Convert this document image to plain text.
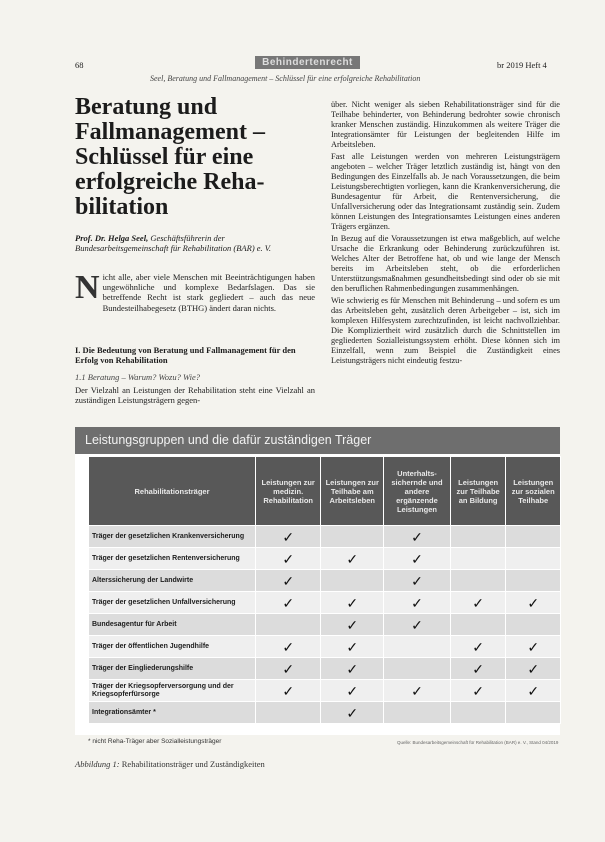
68	Behindertenrecht	br 2019 Heft 4
Seel, Beratung und Fallmanagement – Schlüssel für eine erfolgreiche Rehabilitation
Beratung und Fallmanagement – Schlüssel für eine erfolgreiche Reha-bilitation
Prof. Dr. Helga Seel, Geschäftsführerin der Bundesarbeitsgemeinschaft für Rehabilitation (BAR) e. V.
Nicht alle, aber viele Menschen mit Beeinträchtigungen haben ungewöhnliche und komplexe Bedarfslagen. Das sie betreffende Recht ist stark gegliedert – auch das neue Bundesteilhabegesetz (BTHG) ändert daran nichts.
I. Die Bedeutung von Beratung und Fallmanagement für den Erfolg von Rehabilitation
1.1 Beratung – Warum? Wozu? Wie?
Der Vielzahl an Leistungen der Rehabilitation steht eine Vielzahl an zuständigen Leistungsträgern gegen-

über. Nicht weniger als sieben Rehabilitationsträger sind für die Teilhabe behinderter, von Behinderung bedrohter sowie chronisch kranker Menschen zuständig. Hinzukommen als weitere Träger die Integrationsämter für Leistungen der begleitenden Hilfe im Arbeitsleben.

Fast alle Leistungen werden von mehreren Leistungsträgern angeboten – welcher Träger letztlich zuständig ist, hängt von den Bedingungen des Einzelfalls ab. Je nach Voraussetzungen, die beim Leistungsberechtigten vorliegen, kann die Krankenversicherung, die Bundesagentur für Arbeit, die Rentenversicherung, die Unfallversicherung oder das Integrationsamt zuständig sein. Zudem können Leistungen des Integrationsamtes Leistungen eines anderen Trägers ergänzen.

In Bezug auf die Voraussetzungen ist etwa maßgeblich, auf welche Ursache die Erkrankung oder Behinderung zurückzuführen ist. Welches Alter der Betroffene hat, ob und wie lange der Mensch bereits im Arbeitsleben steht, ob die erforderlichen Unterstützungsmaßnahmen gesundheitsbedingt sind oder ob sie mit den beruflichen Rahmenbedingungen zusammenhängen.

Wie schwierig es für Menschen mit Behinderung – und sofern es um das Arbeitsleben geht, zusätzlich deren Arbeitgeber – ist, sich im komplexen Hilfesystem zurechtzufinden, ist leicht nachvollziehbar. Die Kompliziertheit wird zusätzlich durch die Schnittstellen im gegliederten Sozialleistungssystem erhöht. Diese können sich im Einzelfall, wenn zum Beispiel die Zuständigkeit eines Leistungsträgers nicht eindeutig festzu-

Leistungsgruppen und die dafür zuständigen Träger
Rehabilitationsträger	Leistungen zur medizin. Rehabilitation	Leistungen zur Teilhabe am Arbeitsleben	Unterhalts-sichernde und andere ergänzende Leistungen	Leistungen zur Teilhabe an Bildung	Leistungen zur sozialen Teilhabe
Träger der gesetzlichen Krankenversicherung	✓		✓		
Träger der gesetzlichen Rentenversicherung	✓	✓	✓		
Alterssicherung der Landwirte	✓		✓		
Träger der gesetzlichen Unfallversicherung	✓	✓	✓	✓	✓
Bundesagentur für Arbeit		✓	✓		
Träger der öffentlichen Jugendhilfe	✓	✓		✓	✓
Träger der Eingliederungshilfe	✓	✓		✓	✓
Träger der Kriegsopferversorgung und der Kriegsopferfürsorge	✓	✓	✓	✓	✓
Integrationsämter *		✓			
* nicht Reha-Träger aber Sozialleistungsträger	Quelle: Bundesarbeitsgemeinschaft für Rehabilitation (BAR) e. V., Stand 04/2019
Abbildung 1: Rehabilitationsträger und Zuständigkeiten
